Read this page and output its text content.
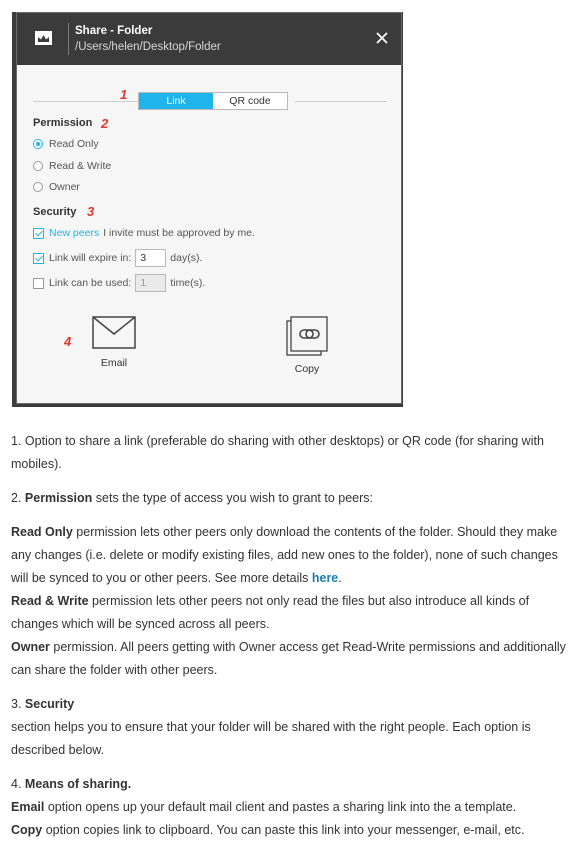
Share - Folder
/Users/helen/Desktop/Folder
1	Link	QR code
Permission 2
Read Only
Read & Write
Owner
Security 3
New peers I invite must be approved by me.
Link will expire in:
3	day(s).
Link can be used:
1	time(s).
4
Email	Copy

1. Option to share a link (preferable do sharing with other desktops) or QR code (for sharing with mobiles).

2. Permission sets the type of access you wish to grant to peers:

Read Only permission lets other peers only download the contents of the folder. Should they make any changes (i.e. delete or modify existing files, add new ones to the folder), none of such changes will be synced to you or other peers. See more details here.

Read & Write permission lets other peers not only read the files but also introduce all kinds of changes which will be synced across all peers.

Owner permission. All peers getting with Owner access get Read-Write permissions and additionally can share the folder with other peers.

3. Security
section helps you to ensure that your folder will be shared with the right people. Each option is described below.

4. Means of sharing.

Email option opens up your default mail client and pastes a sharing link into the a template.

Copy option copies link to clipboard. You can paste this link into your messenger, e-mail, etc.
